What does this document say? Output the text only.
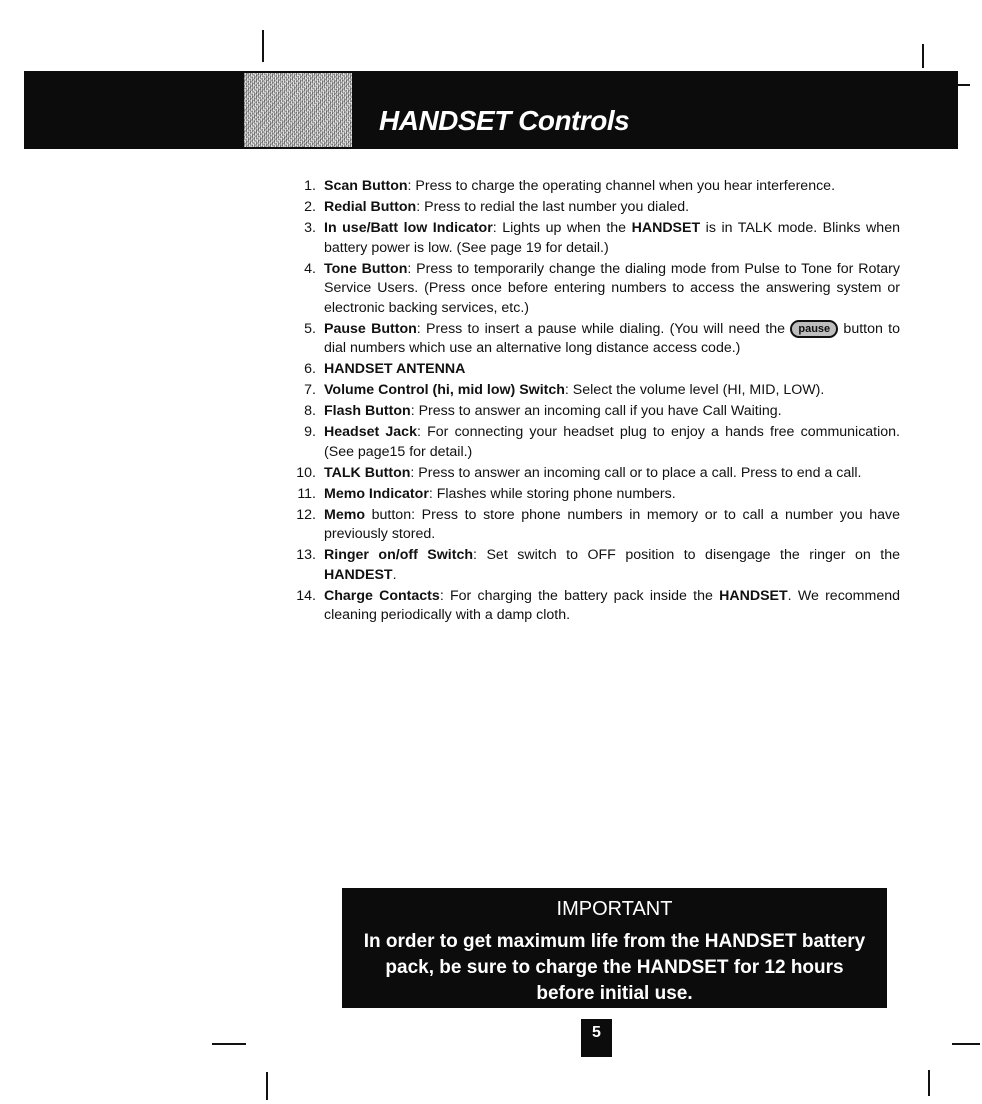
HANDSET Controls
1. Scan Button: Press to charge the operating channel when you hear interference.
2. Redial Button: Press to redial the last number you dialed.
3. In use/Batt low Indicator: Lights up when the HANDSET is in TALK mode. Blinks when battery power is low. (See page 19 for detail.)
4. Tone Button: Press to temporarily change the dialing mode from Pulse to Tone for Rotary Service Users. (Press once before entering numbers to access the answering system or electronic backing services, etc.)
5. Pause Button: Press to insert a pause while dialing. (You will need the pause button to dial numbers which use an alternative long distance access code.)
6. HANDSET ANTENNA
7. Volume Control (hi, mid low) Switch: Select the volume level (HI, MID, LOW).
8. Flash Button: Press to answer an incoming call if you have Call Waiting.
9. Headset Jack: For connecting your headset plug to enjoy a hands free communication. (See page15 for detail.)
10. TALK Button: Press to answer an incoming call or to place a call. Press to end a call.
11. Memo Indicator: Flashes while storing phone numbers.
12. Memo button: Press to store phone numbers in memory or to call a number you have previously stored.
13. Ringer on/off Switch: Set switch to OFF position to disengage the ringer on the HANDEST.
14. Charge Contacts: For charging the battery pack inside the HANDSET. We recommend cleaning periodically with a damp cloth.
IMPORTANT
In order to get maximum life from the HANDSET battery pack, be sure to charge the HANDSET for 12 hours before initial use.
5
